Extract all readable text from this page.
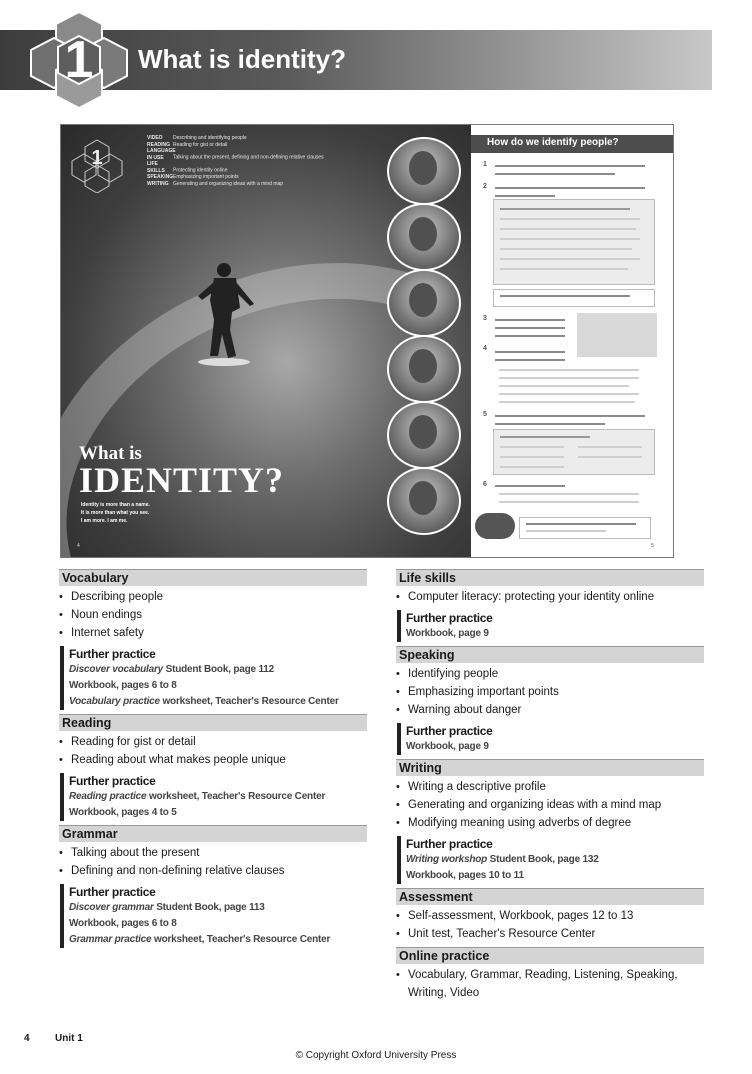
1	What is identity?
1
VIDEO Describing and identifying people
READING Reading for gist or detail
LANGUAGE IN USE Talking about the present, defining and non-defining relative clauses
LIFE SKILLS Protecting identity online
SPEAKINGEmphasizing important points
WRITING Generating and organizing ideas with a mind map
What is
IDENTITY?
Identity is more than a name.
It is more than what you see.
I am more. I am me.
4
A
B
C
D
E
F
How do we identify people?
1
2
3
4
5
6
5
Vocabulary
• Describing people
• Noun endings
• Internet safety
Further practice
Discover vocabulary Student Book, page 112
Workbook, pages 6 to 8
Vocabulary practice worksheet, Teacher's Resource Center
Reading
• Reading for gist or detail
• Reading about what makes people unique
Further practice
Reading practice worksheet, Teacher's Resource Center
Workbook, pages 4 to 5
Grammar
• Talking about the present
• Defining and non-defining relative clauses
Further practice
Discover grammar Student Book, page 113
Workbook, pages 6 to 8
Grammar practice worksheet, Teacher's Resource Center
Life skills
• Computer literacy: protecting your identity online
Further practice
Workbook, page 9
Speaking
• Identifying people
• Emphasizing important points
• Warning about danger
Further practice
Workbook, page 9
Writing
• Writing a descriptive profile
• Generating and organizing ideas with a mind map
• Modifying meaning using adverbs of degree
Further practice
Writing workshop Student Book, page 132
Workbook, pages 10 to 11
Assessment
• Self-assessment, Workbook, pages 12 to 13
• Unit test, Teacher's Resource Center
Online practice
• Vocabulary, Grammar, Reading, Listening, Speaking, Writing, Video
4	Unit 1
© Copyright Oxford University Press
